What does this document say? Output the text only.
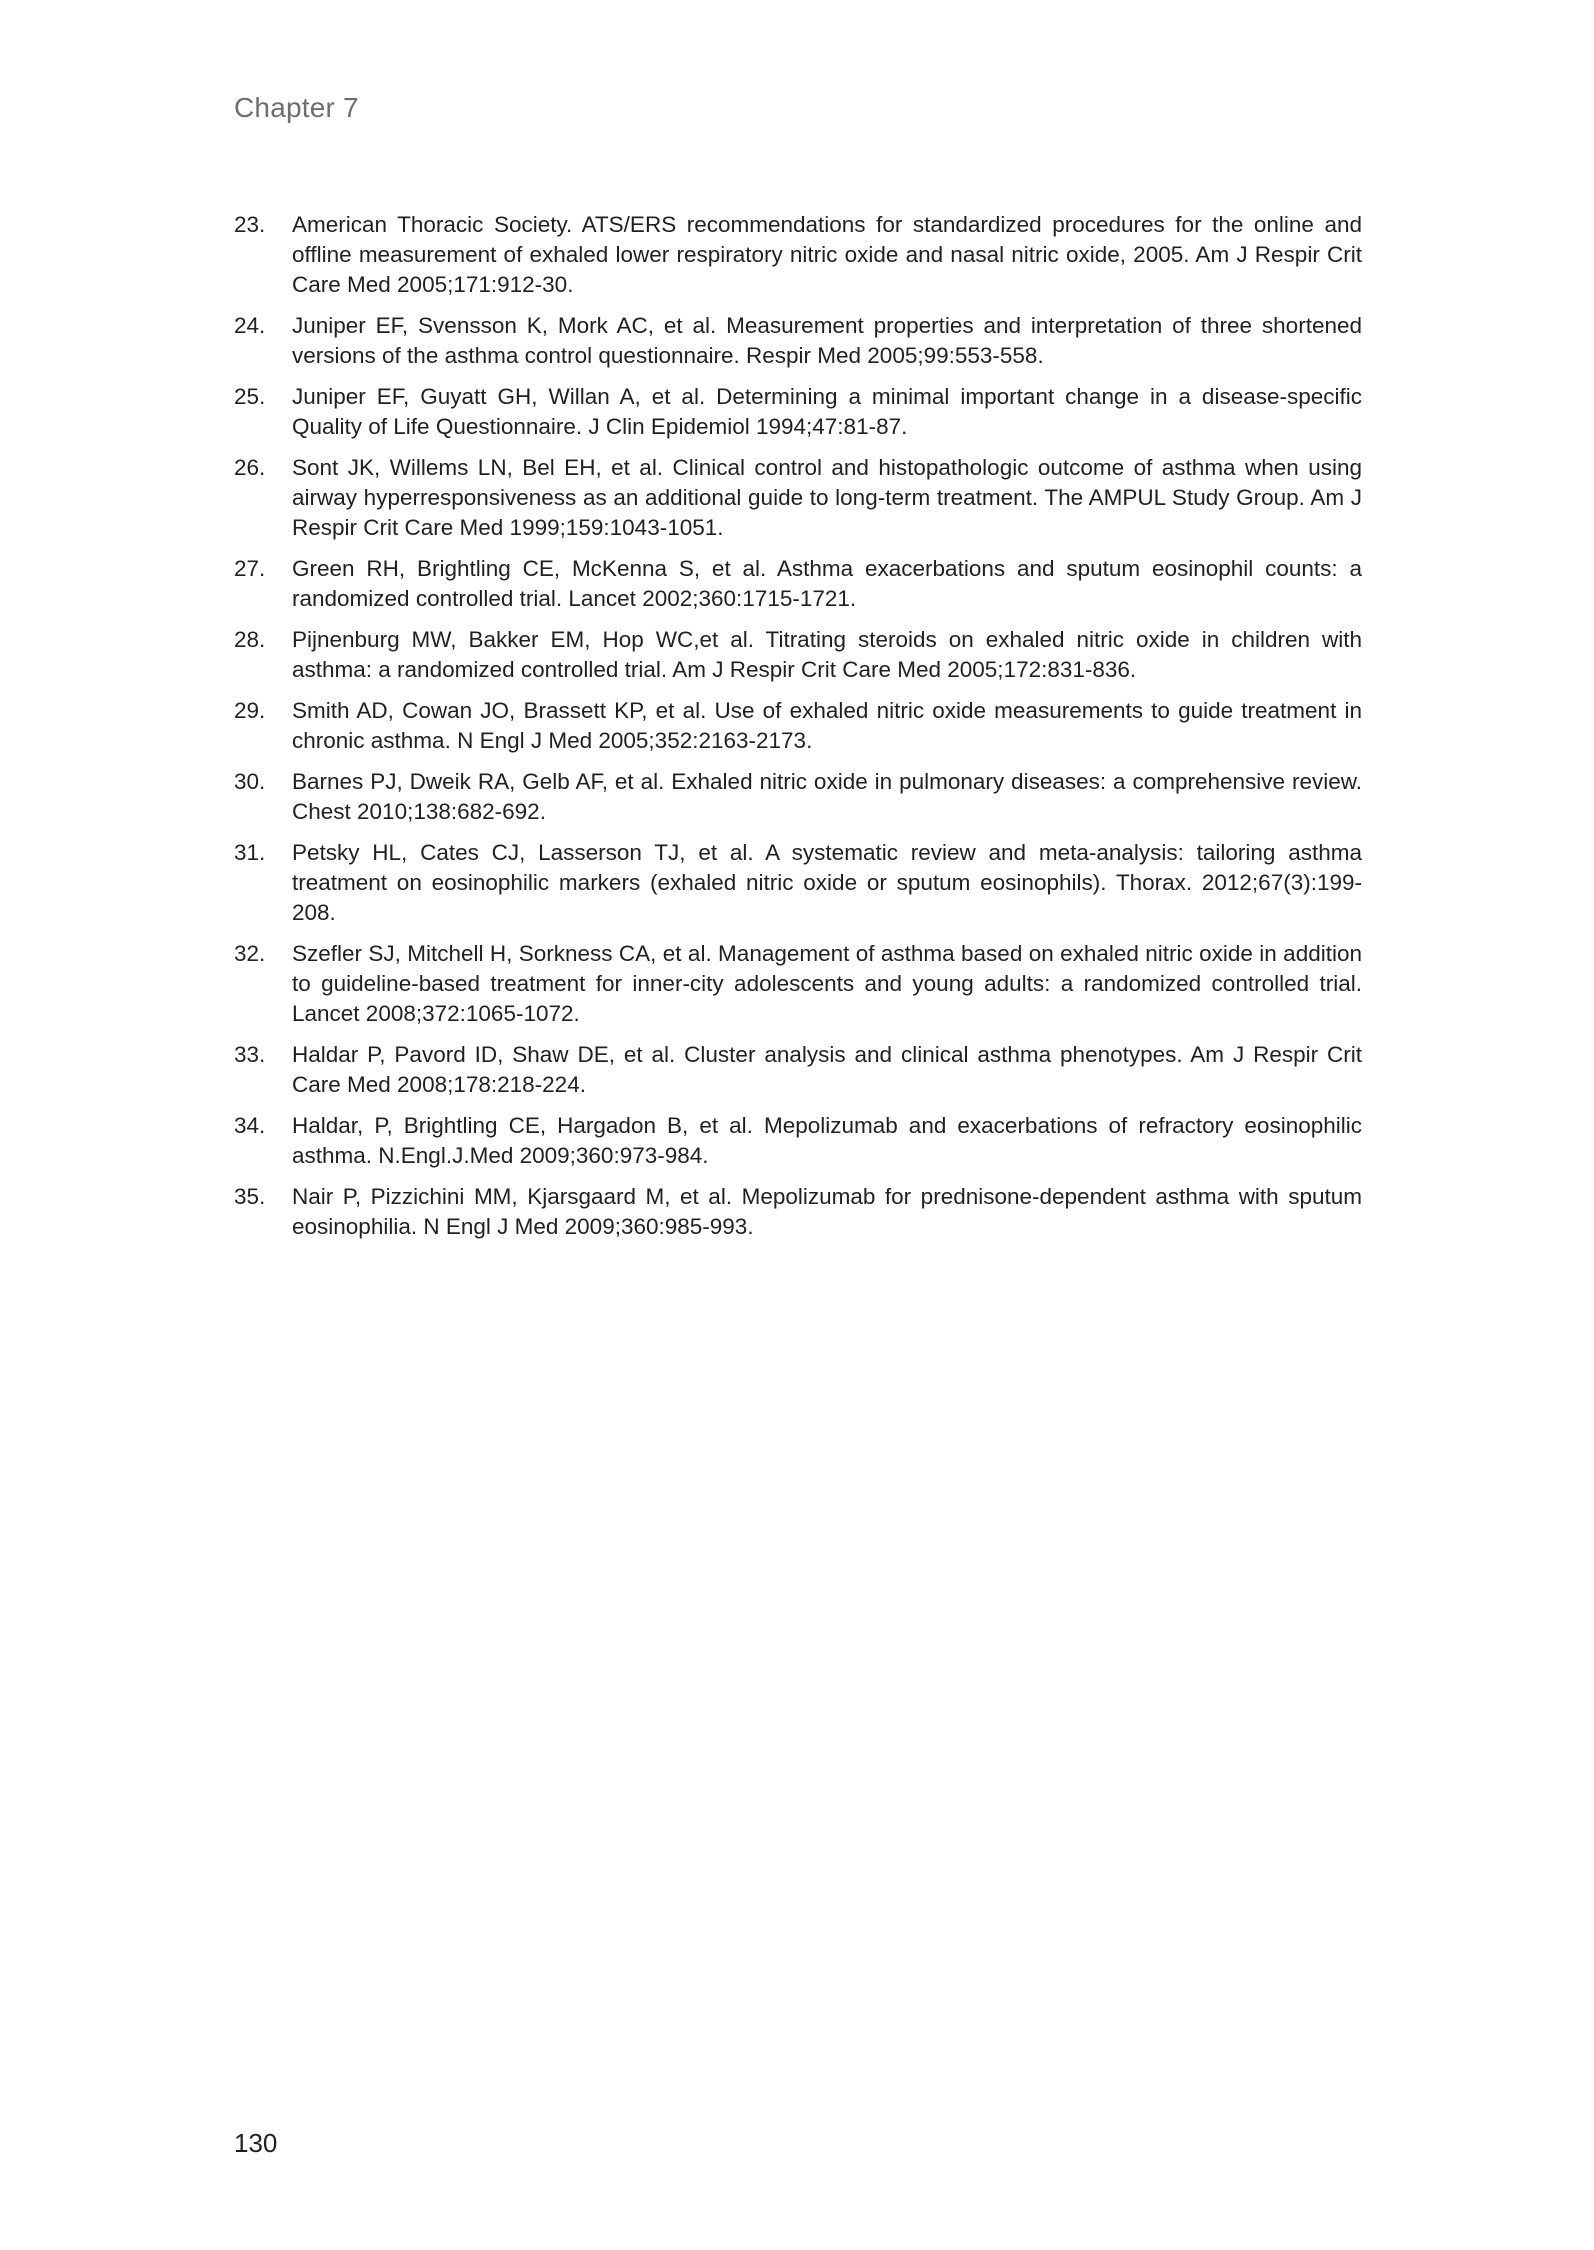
Chapter 7
23.	American Thoracic Society. ATS/ERS recommendations for standardized procedures for the online and offline measurement of exhaled lower respiratory nitric oxide and nasal nitric oxide, 2005. Am J Respir Crit Care Med 2005;171:912-30.
24.	Juniper EF, Svensson K, Mork AC, et al. Measurement properties and interpretation of three shortened versions of the asthma control questionnaire. Respir Med 2005;99:553-558.
25.	Juniper EF, Guyatt GH, Willan A, et al. Determining a minimal important change in a disease-specific Quality of Life Questionnaire. J Clin Epidemiol 1994;47:81-87.
26.	Sont JK, Willems LN, Bel EH, et al. Clinical control and histopathologic outcome of asthma when using airway hyperresponsiveness as an additional guide to long-term treatment. The AMPUL Study Group. Am J Respir Crit Care Med 1999;159:1043-1051.
27.	Green RH, Brightling CE, McKenna S, et al. Asthma exacerbations and sputum eosinophil counts: a randomized controlled trial. Lancet 2002;360:1715-1721.
28.	Pijnenburg MW, Bakker EM, Hop WC,et al. Titrating steroids on exhaled nitric oxide in children with asthma: a randomized controlled trial. Am J Respir Crit Care Med 2005;172:831-836.
29.	Smith AD, Cowan JO, Brassett KP, et al. Use of exhaled nitric oxide measurements to guide treatment in chronic asthma. N Engl J Med 2005;352:2163-2173.
30.	Barnes PJ, Dweik RA, Gelb AF, et al. Exhaled nitric oxide in pulmonary diseases: a comprehensive review. Chest 2010;138:682-692.
31.	Petsky HL, Cates CJ, Lasserson TJ, et al. A systematic review and meta-analysis: tailoring asthma treatment on eosinophilic markers (exhaled nitric oxide or sputum eosinophils). Thorax. 2012;67(3):199-208.
32.	Szefler SJ, Mitchell H, Sorkness CA, et al. Management of asthma based on exhaled nitric oxide in addition to guideline-based treatment for inner-city adolescents and young adults: a randomized controlled trial. Lancet 2008;372:1065-1072.
33.	Haldar P, Pavord ID, Shaw DE, et al. Cluster analysis and clinical asthma phenotypes. Am J Respir Crit Care Med 2008;178:218-224.
34.	Haldar, P, Brightling CE, Hargadon B, et al. Mepolizumab and exacerbations of refractory eosinophilic asthma. N.Engl.J.Med 2009;360:973-984.
35.	Nair P, Pizzichini MM, Kjarsgaard M, et al. Mepolizumab for prednisone-dependent asthma with sputum eosinophilia. N Engl J Med 2009;360:985-993.
130
